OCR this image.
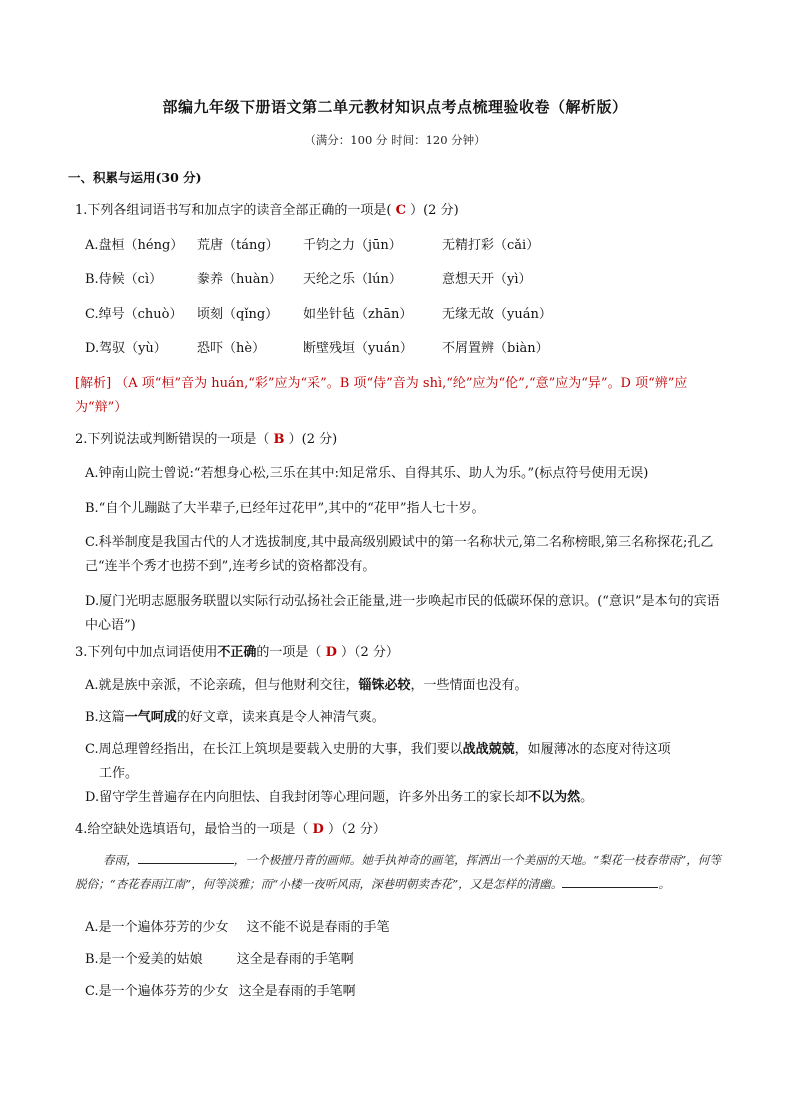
部编九年级下册语文第二单元教材知识点考点梳理验收卷（解析版）
（满分：100 分 时间：120 分钟）
一、积累与运用(30 分)
1.下列各组词语书写和加点字的读音全部正确的一项是( C ）(2 分)
A.盘桓（héng） 荒唐（táng） 千钧之力（jūn）	无精打彩（cǎi）
B.侍候（cì）	豢养（huàn） 天纶之乐（lún）	意想天开（yì）
C.绰号（chuò） 顷刻（qǐng） 如坐针毡（zhān） 无缘无故（yuán）
D.驾驭（yù） 恐吓（hè）	断壁残垣（yuán） 不屑置辨（biàn）
[解析] （A 项“桓”音为 huán,“彩”应为“采”。B 项“侍”音为 shì,“纶”应为“伦”,“意”应为“异”。D 项“辨”应为“辩”）
2.下列说法或判断错误的一项是（ B ）(2 分)
A.钟南山院士曾说:“若想身心松,三乐在其中:知足常乐、自得其乐、助人为乐。”(标点符号使用无误)
B.“自个儿蹦跶了大半辈子,已经年过花甲”,其中的“花甲”指人七十岁。
C.科举制度是我国古代的人才选拔制度,其中最高级别殿试中的第一名称状元,第二名称榜眼,第三名称探花;孔乙己“连半个秀才也捞不到”,连考乡试的资格都没有。
D.厦门光明志愿服务联盟以实际行动弘扬社会正能量,进一步唤起市民的低碳环保的意识。(“意识”是本句的宾语中心语”)
3.下列句中加点词语使用不正确的一项是（ D ）（2 分）
A.就是族中亲派，不论亲疏，但与他财利交往，锱铢必较，一些情面也没有。
B.这篇一气呵成的好文章，读来真是令人神清气爽。
C.周总理曾经指出，在长江上筑坝是要载入史册的大事，我们要以战战兢兢，如履薄冰的态度对待这项
工作。
D.留守学生普遍存在内向胆怯、自我封闭等心理问题，许多外出务工的家长却不以为然。
4.给空缺处选填语句，最恰当的一项是（ D ）（2 分）
春雨，	，一个极擅丹青的画师。她手执神奇的画笔，挥洒出一个美丽的天地。“梨花一枝春带雨”，何等脱俗；“杏花春雨江南”，何等淡雅；而“小楼一夜听风雨，深巷明朝卖杏花”，又是怎样的清幽。	。
A.是一个遍体芬芳的少女 这不能不说是春雨的手笔
B.是一个爱美的姑娘	这全是春雨的手笔啊
C.是一个遍体芬芳的少女 这全是春雨的手笔啊
